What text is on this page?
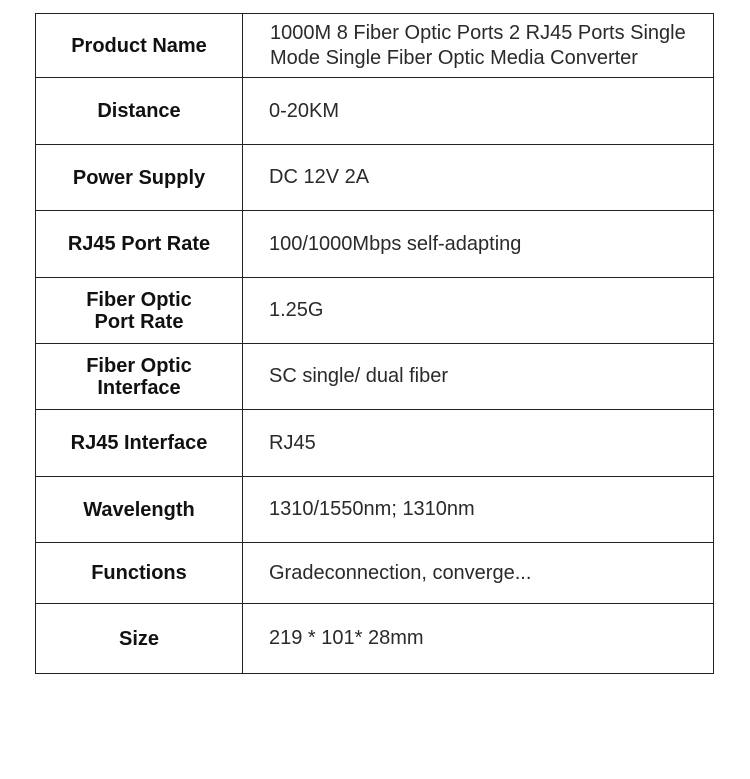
Product Name	1000M 8 Fiber Optic Ports 2 RJ45 Ports Single Mode Single Fiber Optic Media Converter

Distance	0-20KM

Power Supply	DC 12V 2A

RJ45 Port Rate	100/1000Mbps self-adapting

Fiber Optic Port Rate	1.25G

Fiber Optic Interface	SC single/ dual fiber

RJ45 Interface	RJ45

Wavelength	1310/1550nm; 1310nm

Functions	Gradeconnection, converge...

Size	219 * 101* 28mm
